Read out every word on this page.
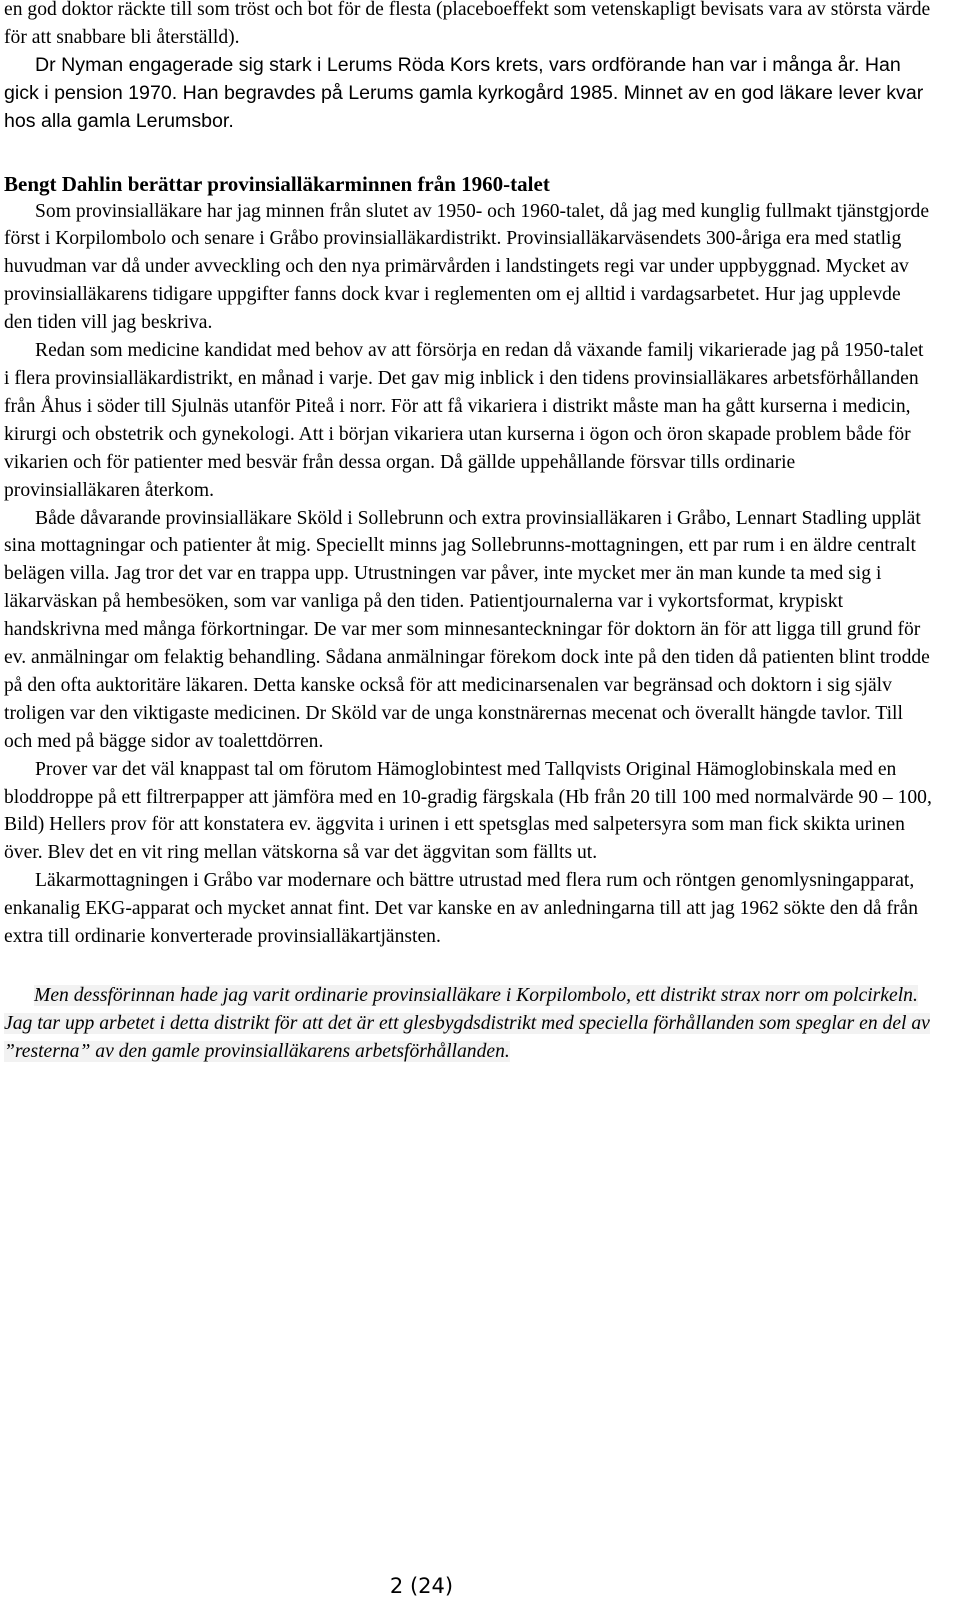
en god doktor räckte till som tröst och bot för de flesta (placeboeffekt som vetenskapligt bevisats vara av största värde för att snabbare bli återställd).

Dr Nyman engagerade sig stark i Lerums Röda Kors krets, vars ordförande han var i många år. Han gick i pension 1970. Han begravdes på Lerums gamla kyrkogård 1985. Minnet av en god läkare lever kvar hos alla gamla Lerumsbor.

Bengt Dahlin berättar provinsialläkarminnen från 1960-talet

Som provinsialläkare har jag minnen från slutet av 1950- och 1960-talet, då jag med kunglig fullmakt tjänstgjorde först i Korpilombolo och senare i Gråbo provinsialläkardistrikt. Provinsialläkarväsendets 300-åriga era med statlig huvudman var då under avveckling och den nya primärvården i landstingets regi var under uppbyggnad. Mycket av provinsialläkarens tidigare uppgifter fanns dock kvar i reglementen om ej alltid i vardagsarbetet. Hur jag upplevde den tiden vill jag beskriva.

Redan som medicine kandidat med behov av att försörja en redan då växande familj vikarierade jag på 1950-talet i flera provinsialläkardistrikt, en månad i varje. Det gav mig inblick i den tidens provinsialläkares arbetsförhållanden från Åhus i söder till Sjulnäs utanför Piteå i norr. För att få vikariera i distrikt måste man ha gått kurserna i medicin, kirurgi och obstetrik och gynekologi. Att i början vikariera utan kurserna i ögon och öron skapade problem både för vikarien och för patienter med besvär från dessa organ. Då gällde uppehållande försvar tills ordinarie provinsialläkaren återkom.

Både dåvarande provinsialläkare Sköld i Sollebrunn och extra provinsialläkaren i Gråbo, Lennart Stadling upplät sina mottagningar och patienter åt mig. Speciellt minns jag Sollebrunns-mottagningen, ett par rum i en äldre centralt belägen villa. Jag tror det var en trappa upp. Utrustningen var påver, inte mycket mer än man kunde ta med sig i läkarväskan på hembesöken, som var vanliga på den tiden. Patientjournalerna var i vykortsformat, krypiskt handskrivna med många förkortningar. De var mer som minnesanteckningar för doktorn än för att ligga till grund för ev. anmälningar om felaktig behandling. Sådana anmälningar förekom dock inte på den tiden då patienten blint trodde på den ofta auktoritäre läkaren. Detta kanske också för att medicinarsenalen var begränsad och doktorn i sig själv troligen var den viktigaste medicinen. Dr Sköld var de unga konstnärernas mecenat och överallt hängde tavlor. Till och med på bägge sidor av toalettdörren.

Prover var det väl knappast tal om förutom Hämoglobintest med Tallqvists Original Hämoglobinskala med en bloddroppe på ett filtrerpapper att jämföra med en 10-gradig färgskala (Hb från 20 till 100 med normalvärde 90 – 100, Bild) Hellers prov för att konstatera ev. äggvita i urinen i ett spetsglas med salpetersyra som man fick skikta urinen över. Blev det en vit ring mellan vätskorna så var det äggvitan som fällts ut.

Läkarmottagningen i Gråbo var modernare och bättre utrustad med flera rum och röntgen genomlysningapparat, enkanalig EKG-apparat och mycket annat fint. Det var kanske en av anledningarna till att jag 1962 sökte den då från extra till ordinarie konverterade provinsialläkartjänsten.

Men dessförinnan hade jag varit ordinarie provinsialläkare i Korpilombolo, ett distrikt strax norr om polcirkeln. Jag tar upp arbetet i detta distrikt för att det är ett glesbygdsdistrikt med speciella förhållanden som speglar en del av ”resterna” av den gamle provinsialläkarens arbetsförhållanden.

2 (24)
